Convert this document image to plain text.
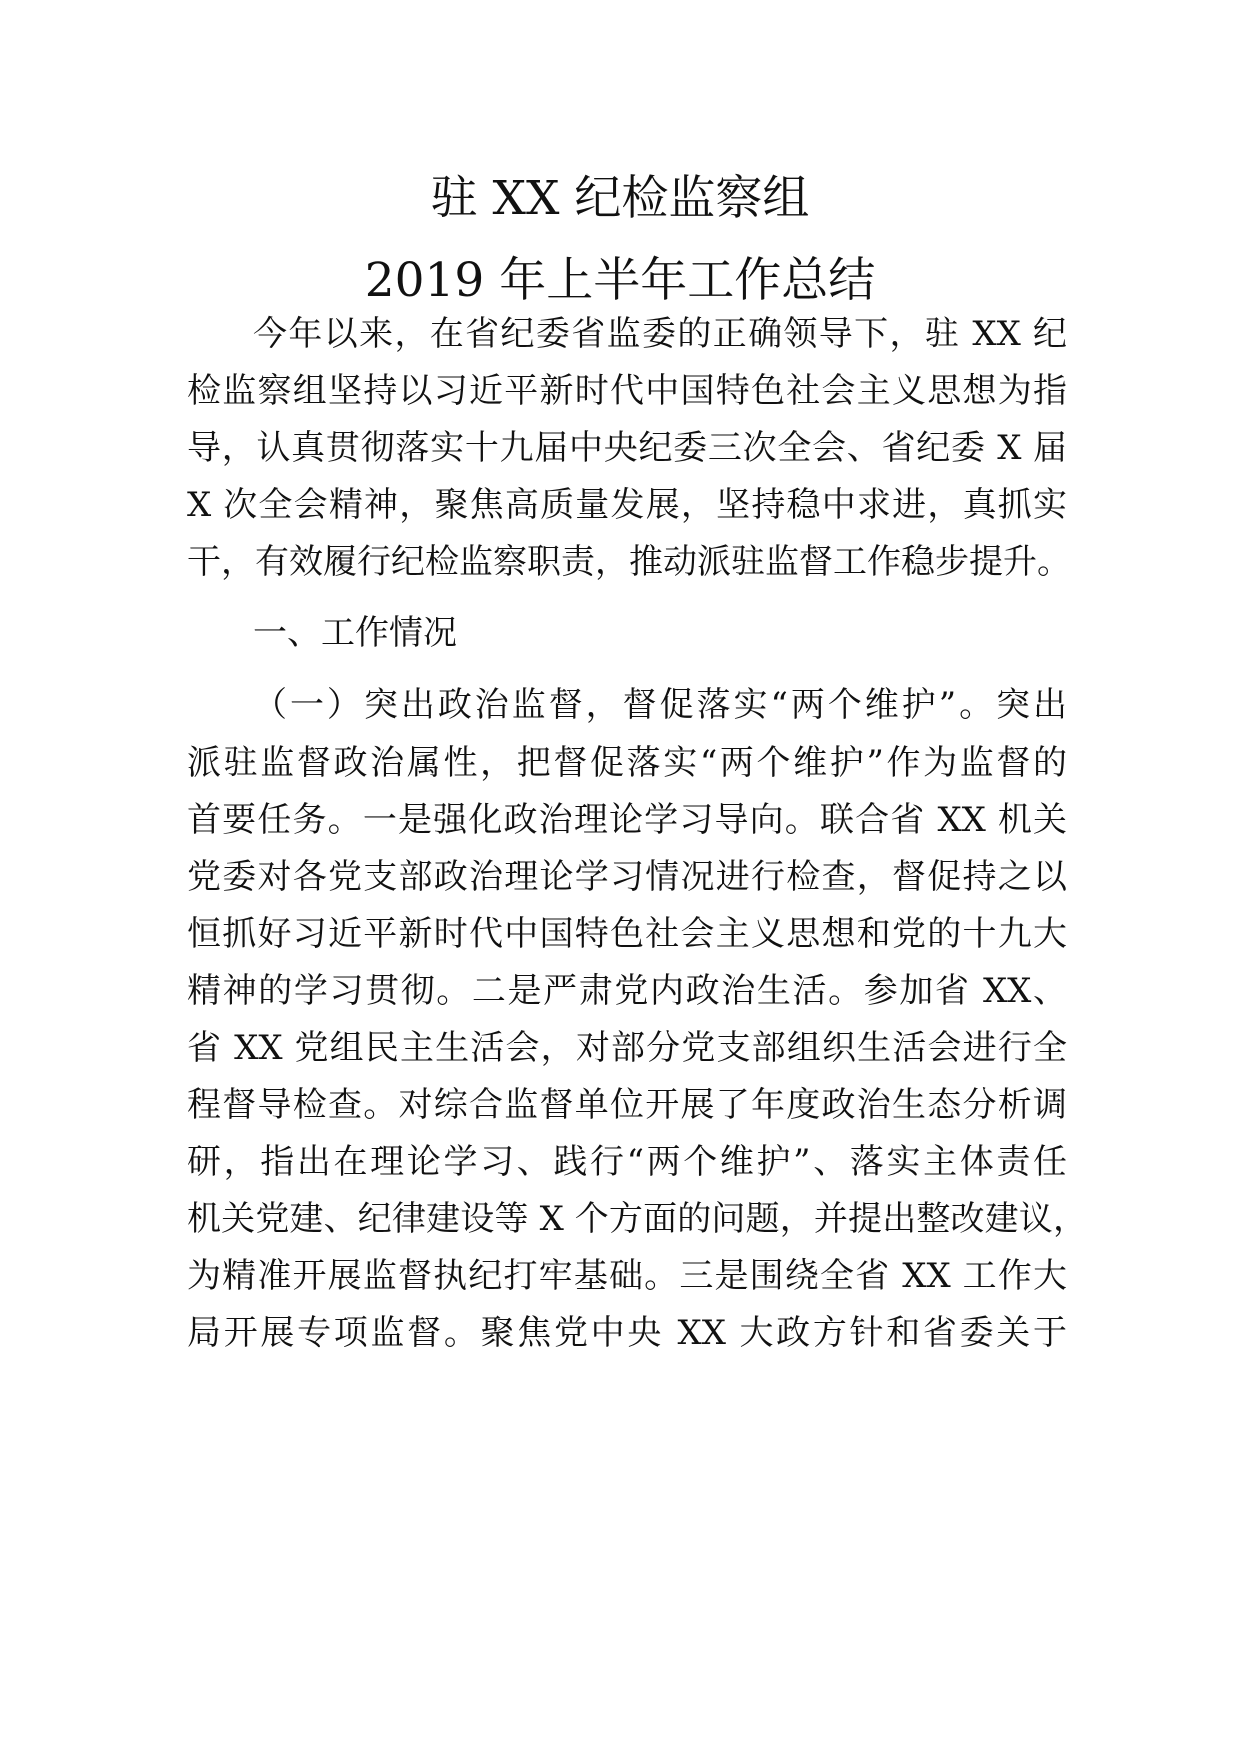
驻 XX 纪检监察组
2019 年上半年工作总结
今年以来，在省纪委省监委的正确领导下，驻 XX 纪
检监察组坚持以习近平新时代中国特色社会主义思想为指
导，认真贯彻落实十九届中央纪委三次全会、省纪委 X 届
X 次全会精神，聚焦高质量发展，坚持稳中求进，真抓实
干，有效履行纪检监察职责，推动派驻监督工作稳步提升。
一、工作情况
（一）突出政治监督，督促落实“两个维护”。突出
派驻监督政治属性，把督促落实“两个维护”作为监督的
首要任务。一是强化政治理论学习导向。联合省 XX 机关
党委对各党支部政治理论学习情况进行检查，督促持之以
恒抓好习近平新时代中国特色社会主义思想和党的十九大
精神的学习贯彻。二是严肃党内政治生活。参加省 XX、
省 XX 党组民主生活会，对部分党支部组织生活会进行全
程督导检查。对综合监督单位开展了年度政治生态分析调
研，指出在理论学习、践行“两个维护”、落实主体责任
机关党建、纪律建设等 X 个方面的问题，并提出整改建议，
为精准开展监督执纪打牢基础。三是围绕全省 XX 工作大
局开展专项监督。聚焦党中央 XX 大政方针和省委关于
